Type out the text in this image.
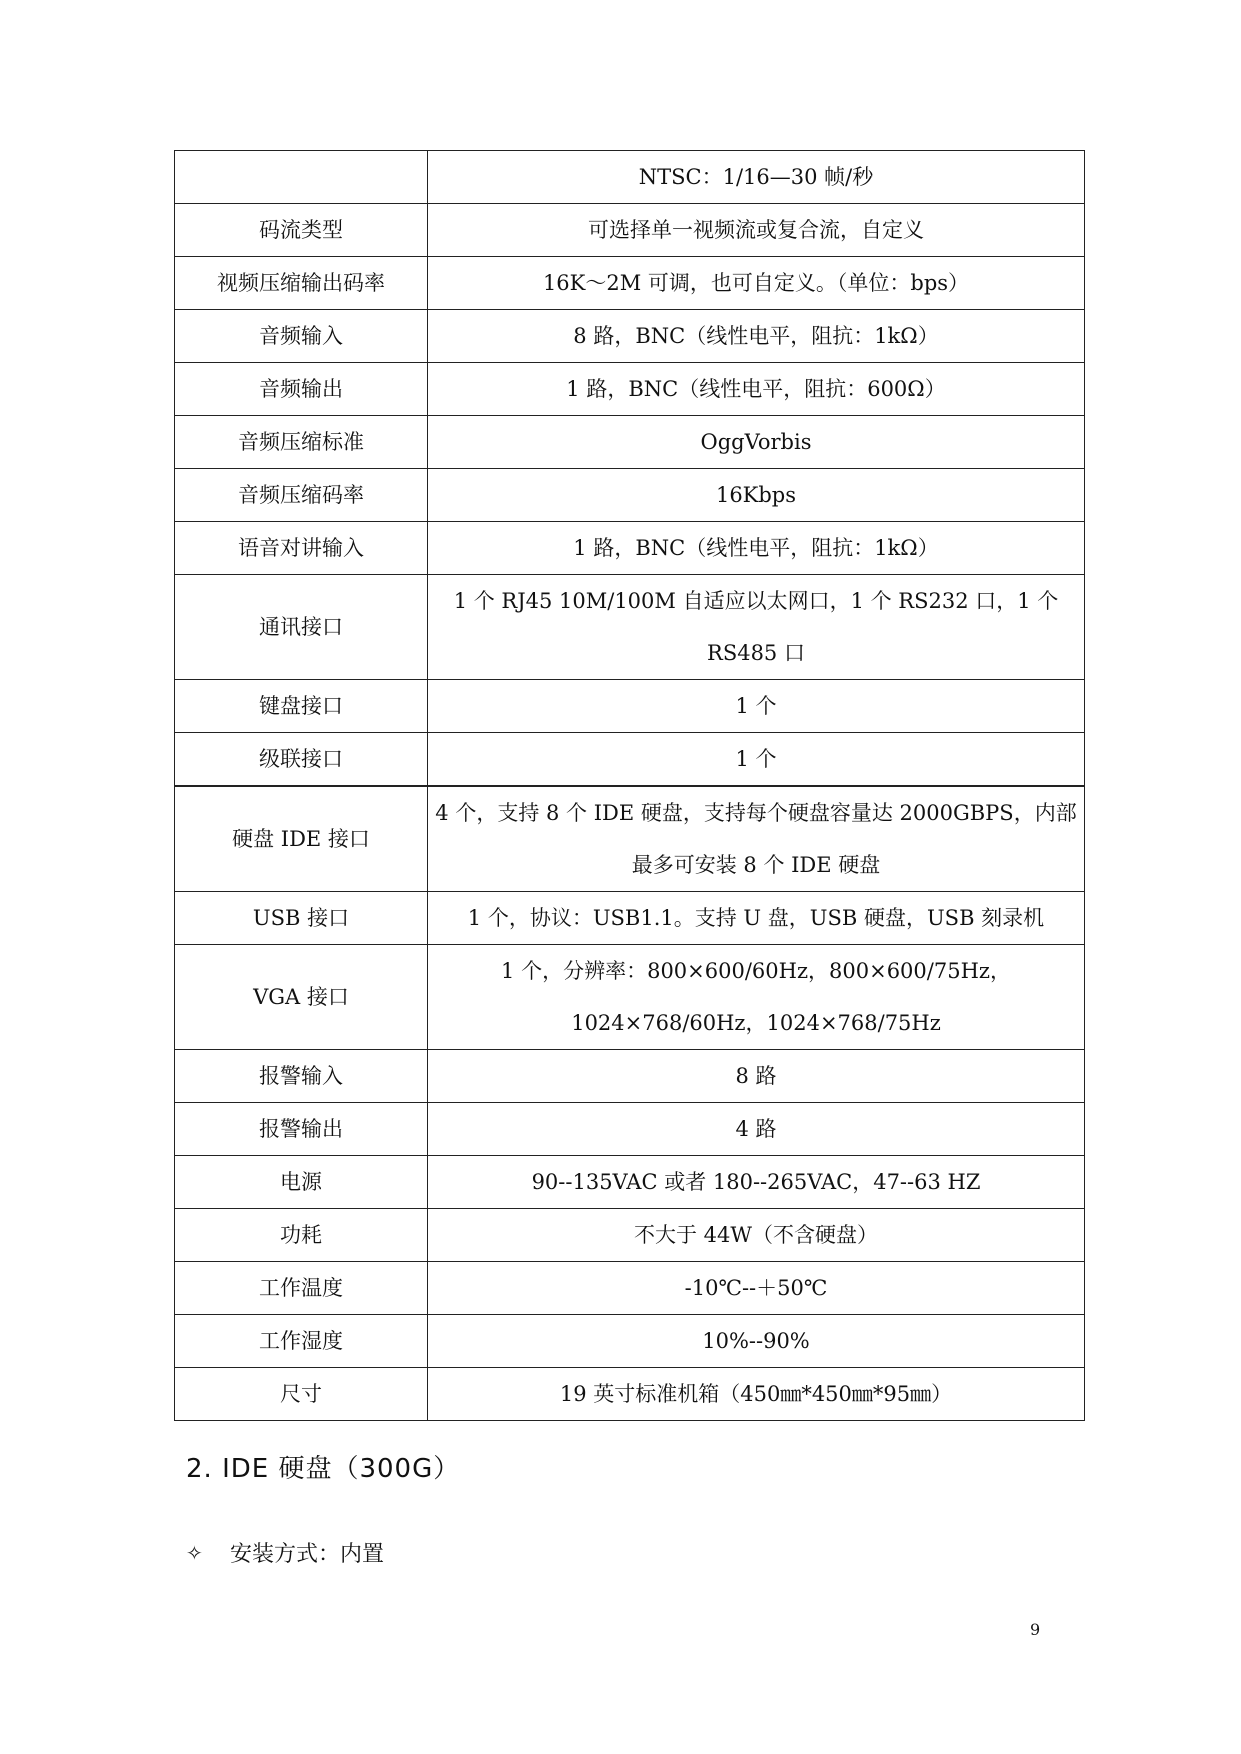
	NTSC：1/16—30 帧/秒
码流类型	可选择单一视频流或复合流，自定义
视频压缩输出码率	16K～2M 可调，也可自定义。（单位：bps）
音频输入	8 路，BNC（线性电平，阻抗：1kΩ）
音频输出	1 路，BNC（线性电平，阻抗：600Ω）
音频压缩标准	OggVorbis
音频压缩码率	16Kbps
语音对讲输入	1 路，BNC（线性电平，阻抗：1kΩ）
通讯接口	1 个 RJ45 10M/100M 自适应以太网口，1 个 RS232 口，1 个 RS485 口
键盘接口	1 个
级联接口	1 个
硬盘 IDE 接口	4 个，支持 8 个 IDE 硬盘，支持每个硬盘容量达 2000GBPS，内部最多可安装 8 个 IDE 硬盘
USB 接口	1 个，协议：USB1.1。支持 U 盘，USB 硬盘，USB 刻录机
VGA 接口	1 个，分辨率：800×600/60Hz，800×600/75Hz，1024×768/60Hz，1024×768/75Hz
报警输入	8 路
报警输出	4 路
电源	90--135VAC 或者 180--265VAC，47--63 HZ
功耗	不大于 44W（不含硬盘）
工作温度	-10℃--＋50℃
工作湿度	10%--90%
尺寸	19 英寸标准机箱（450㎜*450㎜*95㎜）
2. IDE 硬盘（300G）
✧	安装方式：内置
9
